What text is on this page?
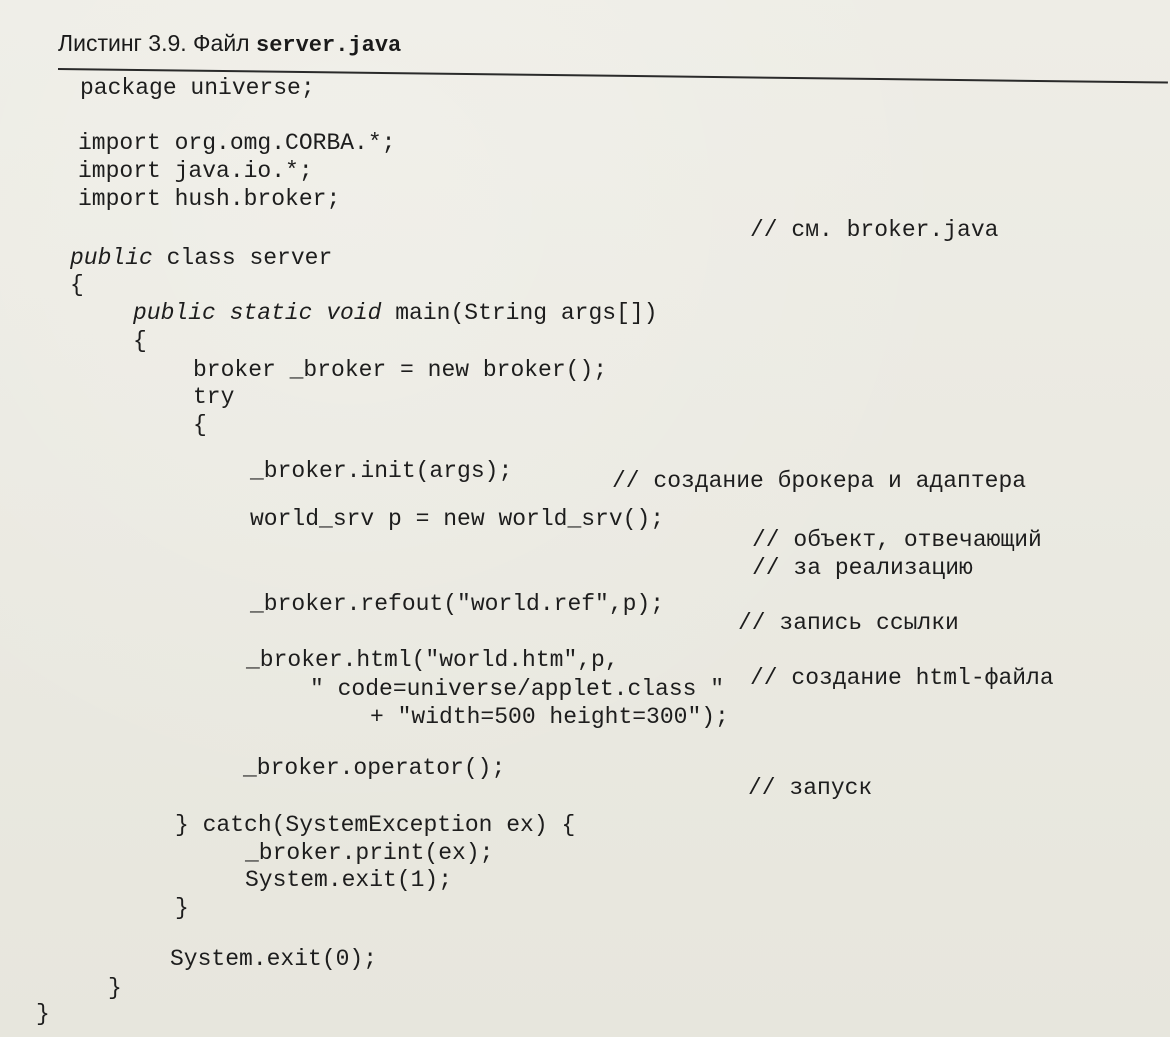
Листинг 3.9. Файл server.java
package universe;
import org.omg.CORBA.*;
import java.io.*;
import hush.broker;
// см. broker.java
public class server
{
public static void main(String args[])
{
broker _broker = new broker();
try
{
_broker.init(args);	// создание брокера и адаптера
world_srv p = new world_srv();
// объект, отвечающий
// за реализацию
_broker.refout("world.ref",p);
// запись ссылки
_broker.html("world.htm",p,
// создание html-файла
" code=universe/applet.class "
+ "width=500 height=300");
_broker.operator();
// запуск
} catch(SystemException ex) {
_broker.print(ex);
System.exit(1);
}
System.exit(0);
}
}
